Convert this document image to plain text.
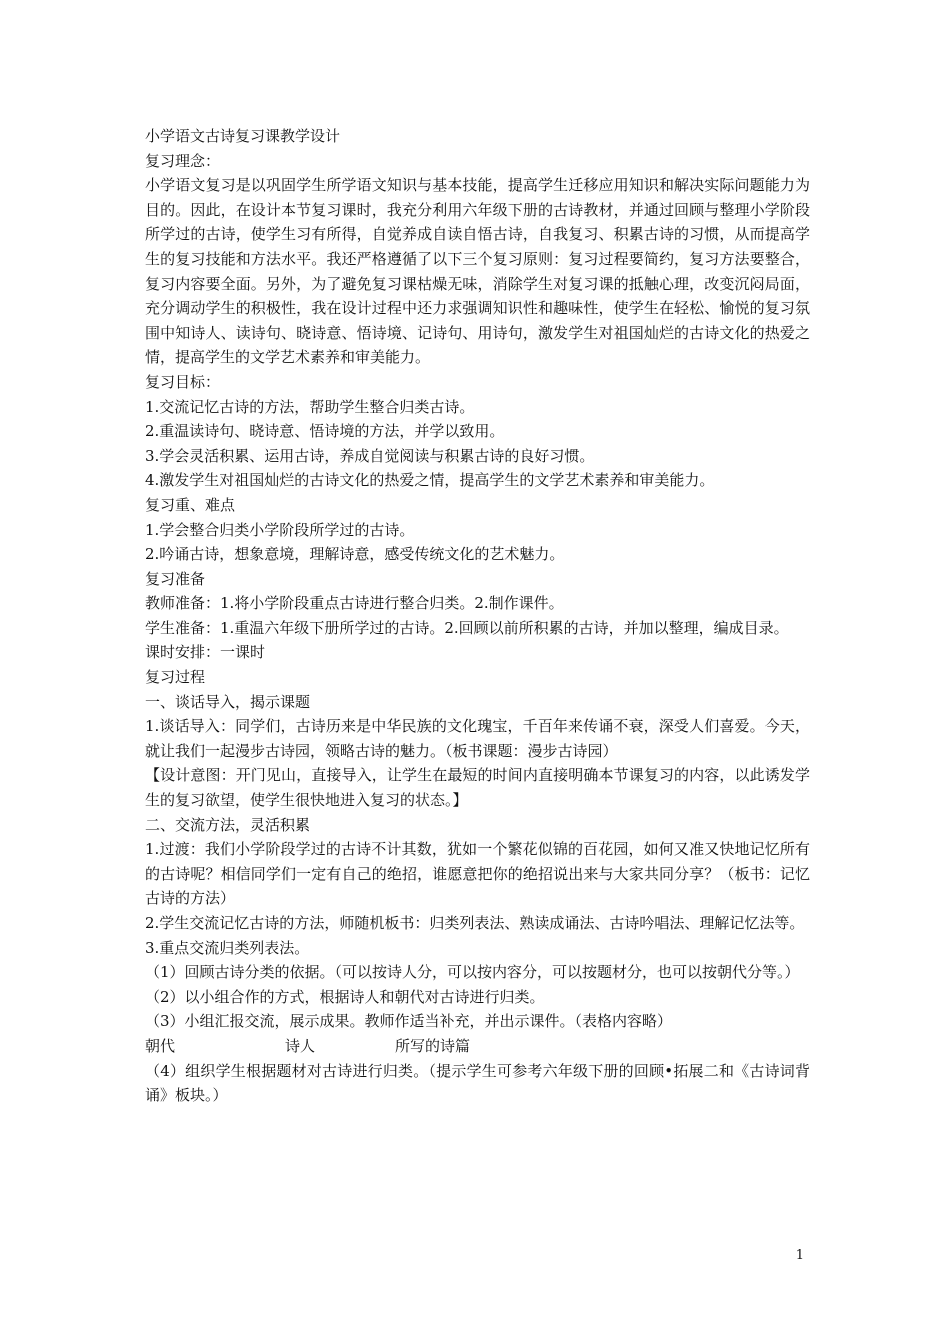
小学语文古诗复习课教学设计
复习理念：
小学语文复习是以巩固学生所学语文知识与基本技能，提高学生迁移应用知识和解决实际问题能力为目的。因此，在设计本节复习课时，我充分利用六年级下册的古诗教材，并通过回顾与整理小学阶段所学过的古诗，使学生习有所得，自觉养成自读自悟古诗，自我复习、积累古诗的习惯，从而提高学生的复习技能和方法水平。我还严格遵循了以下三个复习原则：复习过程要简约，复习方法要整合，复习内容要全面。另外，为了避免复习课枯燥无味，消除学生对复习课的抵触心理，改变沉闷局面，充分调动学生的积极性，我在设计过程中还力求强调知识性和趣味性，使学生在轻松、愉悦的复习氛围中知诗人、读诗句、晓诗意、悟诗境、记诗句、用诗句，激发学生对祖国灿烂的古诗文化的热爱之情，提高学生的文学艺术素养和审美能力。
复习目标：
1.交流记忆古诗的方法，帮助学生整合归类古诗。
2.重温读诗句、晓诗意、悟诗境的方法，并学以致用。
3.学会灵活积累、运用古诗，养成自觉阅读与积累古诗的良好习惯。
4.激发学生对祖国灿烂的古诗文化的热爱之情，提高学生的文学艺术素养和审美能力。
复习重、难点
1.学会整合归类小学阶段所学过的古诗。
2.吟诵古诗，想象意境，理解诗意，感受传统文化的艺术魅力。
复习准备
教师准备：1.将小学阶段重点古诗进行整合归类。2.制作课件。
学生准备：1.重温六年级下册所学过的古诗。2.回顾以前所积累的古诗，并加以整理，编成目录。
课时安排：一课时
复习过程
一、谈话导入，揭示课题
1.谈话导入：同学们，古诗历来是中华民族的文化瑰宝，千百年来传诵不衰，深受人们喜爱。今天，就让我们一起漫步古诗园，领略古诗的魅力。（板书课题：漫步古诗园）
【设计意图：开门见山，直接导入，让学生在最短的时间内直接明确本节课复习的内容，以此诱发学生的复习欲望，使学生很快地进入复习的状态。】
二、交流方法，灵活积累
1.过渡：我们小学阶段学过的古诗不计其数，犹如一个繁花似锦的百花园，如何又准又快地记忆所有的古诗呢？相信同学们一定有自己的绝招，谁愿意把你的绝招说出来与大家共同分享？（板书：记忆古诗的方法）
2.学生交流记忆古诗的方法，师随机板书：归类列表法、熟读成诵法、古诗吟唱法、理解记忆法等。
3.重点交流归类列表法。
（1）回顾古诗分类的依据。（可以按诗人分，可以按内容分，可以按题材分，也可以按朝代分等。）
（2）以小组合作的方式，根据诗人和朝代对古诗进行归类。
（3）小组汇报交流，展示成果。教师作适当补充，并出示课件。（表格内容略）
朝代	诗人	所写的诗篇
（4）组织学生根据题材对古诗进行归类。（提示学生可参考六年级下册的回顾•拓展二和《古诗词背诵》板块。）
1
